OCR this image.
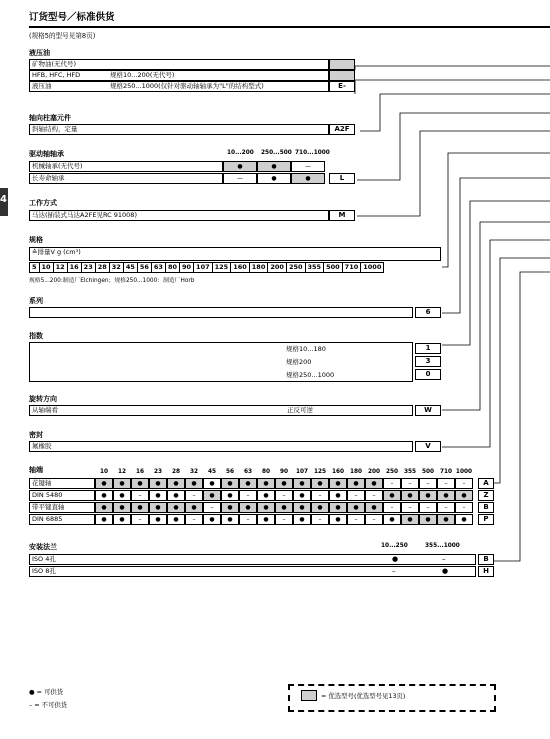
订货型号／标准供货
(规格5的型号见第8页)
4
液压油
矿物油(无代号)
HFB, HFC, HFD	规格10...200(无代号)
液压油	规格250...1000(仅针对驱动轴轴承为"L"的结构型式)	E-
轴向柱塞元件
斜轴结构，定量	A2F
驱动轴轴承	10...200 250...500 710...1000
机械轴承(无代号)	●	●	—
长寿命轴承	—	●	●	L
工作方式
马达(插装式马达A2FE见RC 91008)	M
规格
≙排量V g (cm³)
5 10 12 16 23 28 32 45 56 63 80 90 107 125 160 180 200 250 355 500 710 1000
规格5...200:制造厂Elchingen；规格250...1000：制造厂Horb
系列
6
指数
规格10...180
规格200
规格250...1000
1
3
0
旋转方向
从轴端看	正反可逆	W
密封
氟橡胶	V
轴端	10	12	16	23	28	32	45	56	63	80	90	107	125	160	180	200	250	355	500	710 1000
花键轴	●	●	●	●	●	●	●	●	●	●	●	●	●	●	●	●	–	–	–	–	–	A
DIN 5480	●	●	–	●	●	–	●	●	–	●	–	●	–	●	–	–	●	●	●	●	●	Z
带平键直轴	●	●	●	●	●	●	–	●	●	●	●	●	●	●	●	●	–	–	–	–	–	B
DIN 6885	●	●	–	●	●	–	●	●	–	●	–	●	–	●	–	–	●	●	●	●	●	P
安装法兰	10...250	355...1000
ISO 4孔	●	–	B
ISO 8孔	–	●	H
● = 可供货
– = 不可供货
= 优选型号(优选型号见13页)
